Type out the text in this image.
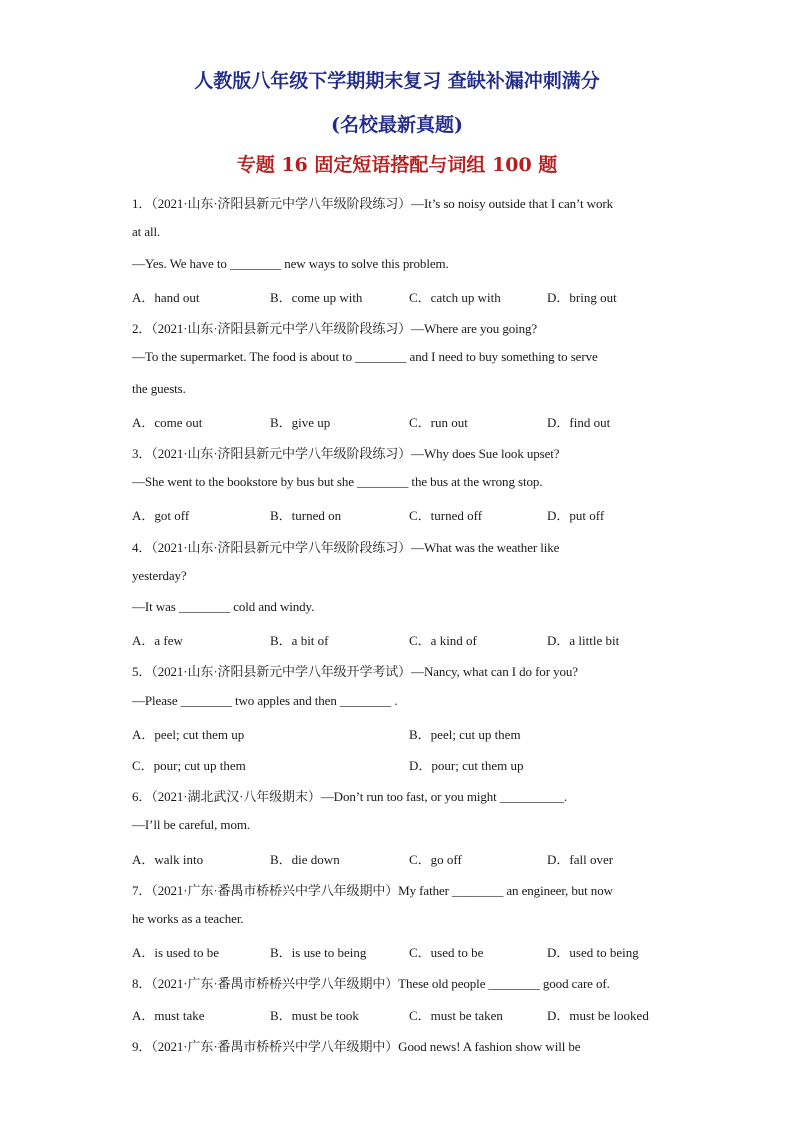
人教版八年级下学期期末复习 查缺补漏冲刺满分
(名校最新真题)
专题 16 固定短语搭配与词组 100 题
1．（2021·山东·济阳县新元中学八年级阶段练习）—It’s so noisy outside that I can’t work
at all.
—Yes. We have to ________ new ways to solve this problem.
A．hand out	B．come up with	C．catch up with	D．bring out
2．（2021·山东·济阳县新元中学八年级阶段练习）—Where are you going?
—To the supermarket. The food is about to ________ and I need to buy something to serve
the guests.
A．come out	B．give up	C．run out	D．find out
3．（2021·山东·济阳县新元中学八年级阶段练习）—Why does Sue look upset?
—She went to the bookstore by bus but she ________ the bus at the wrong stop.
A．got off	B．turned on	C．turned off	D．put off
4．（2021·山东·济阳县新元中学八年级阶段练习）—What was the weather like
yesterday?
—It was ________ cold and windy.
A．a few	B．a bit of	C．a kind of	D．a little bit
5．（2021·山东·济阳县新元中学八年级开学考试）—Nancy, what can I do for you?
—Please ________ two apples and then ________ .
A．peel; cut them up	B．peel; cut up them
C．pour; cut up them	D．pour; cut them up
6．（2021·湖北武汉·八年级期末）—Don’t run too fast, or you might __________.
—I’ll be careful, mom.
A．walk into	B．die down	C．go off	D．fall over
7．（2021·广东·番禺市桥桥兴中学八年级期中）My father ________ an engineer, but now
he works as a teacher.
A．is used to be	B．is use to being	C．used to be	D．used to being
8．（2021·广东·番禺市桥桥兴中学八年级期中）These old people ________ good care of.
A．must take	B．must be took	C．must be taken	D．must be looked
9．（2021·广东·番禺市桥桥兴中学八年级期中）Good news! A fashion show will be
